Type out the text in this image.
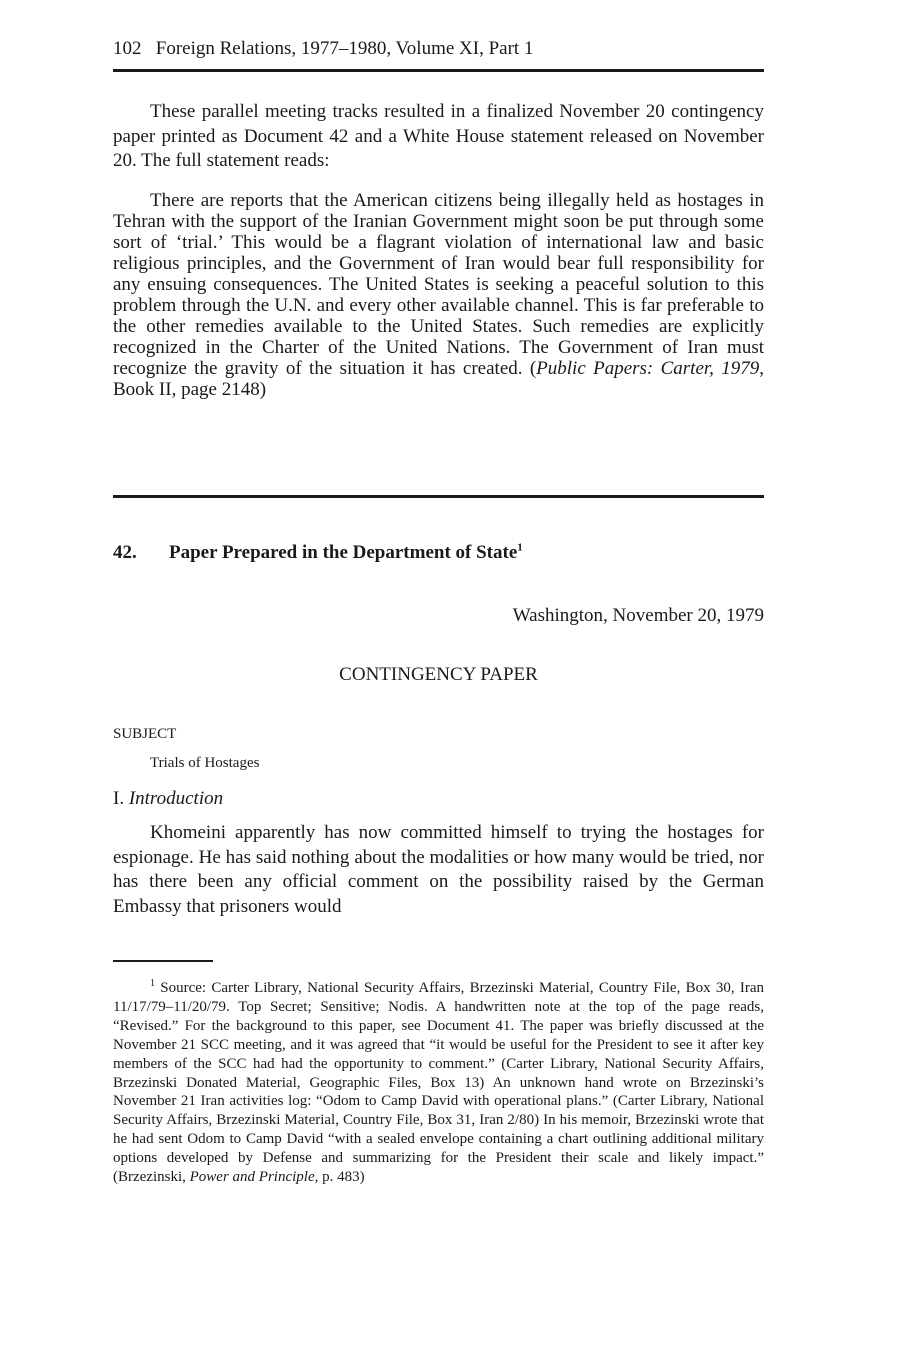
102 Foreign Relations, 1977–1980, Volume XI, Part 1

These parallel meeting tracks resulted in a finalized November 20 contingency paper printed as Document 42 and a White House statement released on November 20. The full statement reads:

There are reports that the American citizens being illegally held as hostages in Tehran with the support of the Iranian Government might soon be put through some sort of ‘trial.’ This would be a flagrant violation of international law and basic religious principles, and the Government of Iran would bear full responsibility for any ensuing consequences. The United States is seeking a peaceful solution to this problem through the U.N. and every other available channel. This is far preferable to the other remedies available to the United States. Such remedies are explicitly recognized in the Charter of the United Nations. The Government of Iran must recognize the gravity of the situation it has created. (Public Papers: Carter, 1979, Book II, page 2148)

42. Paper Prepared in the Department of State$^1$
Washington, November 20, 1979
CONTINGENCY PAPER
SUBJECT
Trials of Hostages
I. Introduction

Khomeini apparently has now committed himself to trying the hostages for espionage. He has said nothing about the modalities or how many would be tried, nor has there been any official comment on the possibility raised by the German Embassy that prisoners would

$^1$ Source: Carter Library, National Security Affairs, Brzezinski Material, Country File, Box 30, Iran 11/17/79–11/20/79. Top Secret; Sensitive; Nodis. A handwritten note at the top of the page reads, “Revised.” For the background to this paper, see Document 41. The paper was briefly discussed at the November 21 SCC meeting, and it was agreed that “it would be useful for the President to see it after key members of the SCC had had the opportunity to comment.” (Carter Library, National Security Affairs, Brzezinski Donated Material, Geographic Files, Box 13) An unknown hand wrote on Brzezinski’s November 21 Iran activities log: “Odom to Camp David with operational plans.” (Carter Library, National Security Affairs, Brzezinski Material, Country File, Box 31, Iran 2/80) In his memoir, Brzezinski wrote that he had sent Odom to Camp David “with a sealed envelope containing a chart outlining additional military options developed by Defense and summarizing for the President their scale and likely impact.” (Brzezinski, Power and Principle, p. 483)
